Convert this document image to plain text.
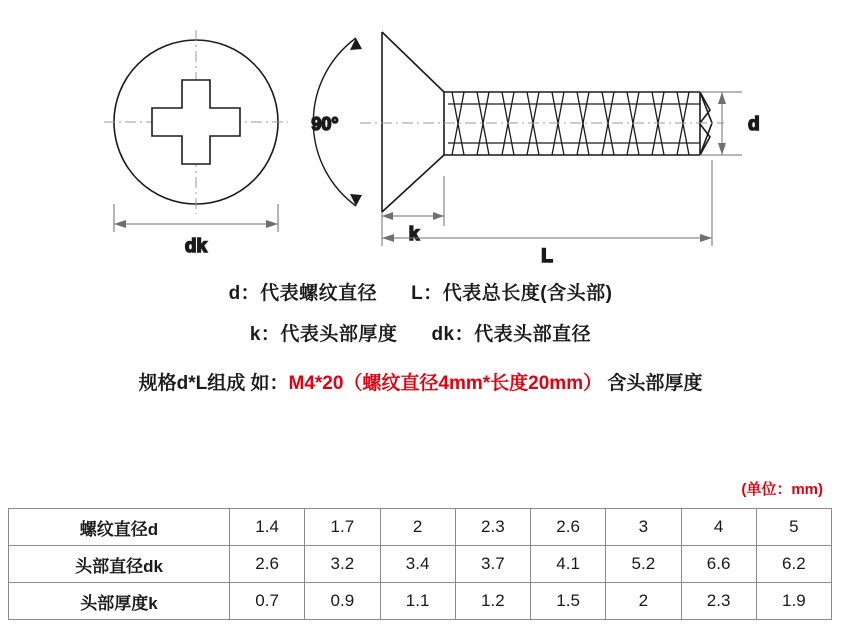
dk
90°	d
k
L
d：代表螺纹直径 L：代表总长度(含头部)
k：代表头部厚度 dk：代表头部直径
规格d*L组成 如：M4*20（螺纹直径4mm*长度20mm） 含头部厚度
(单位：mm)
螺纹直径d	1.4	1.7	2	2.3	2.6	3	4	5
头部直径dk	2.6	3.2	3.4	3.7	4.1	5.2	6.6	6.2
头部厚度k	0.7	0.9	1.1	1.2	1.5	2	2.3	1.9
